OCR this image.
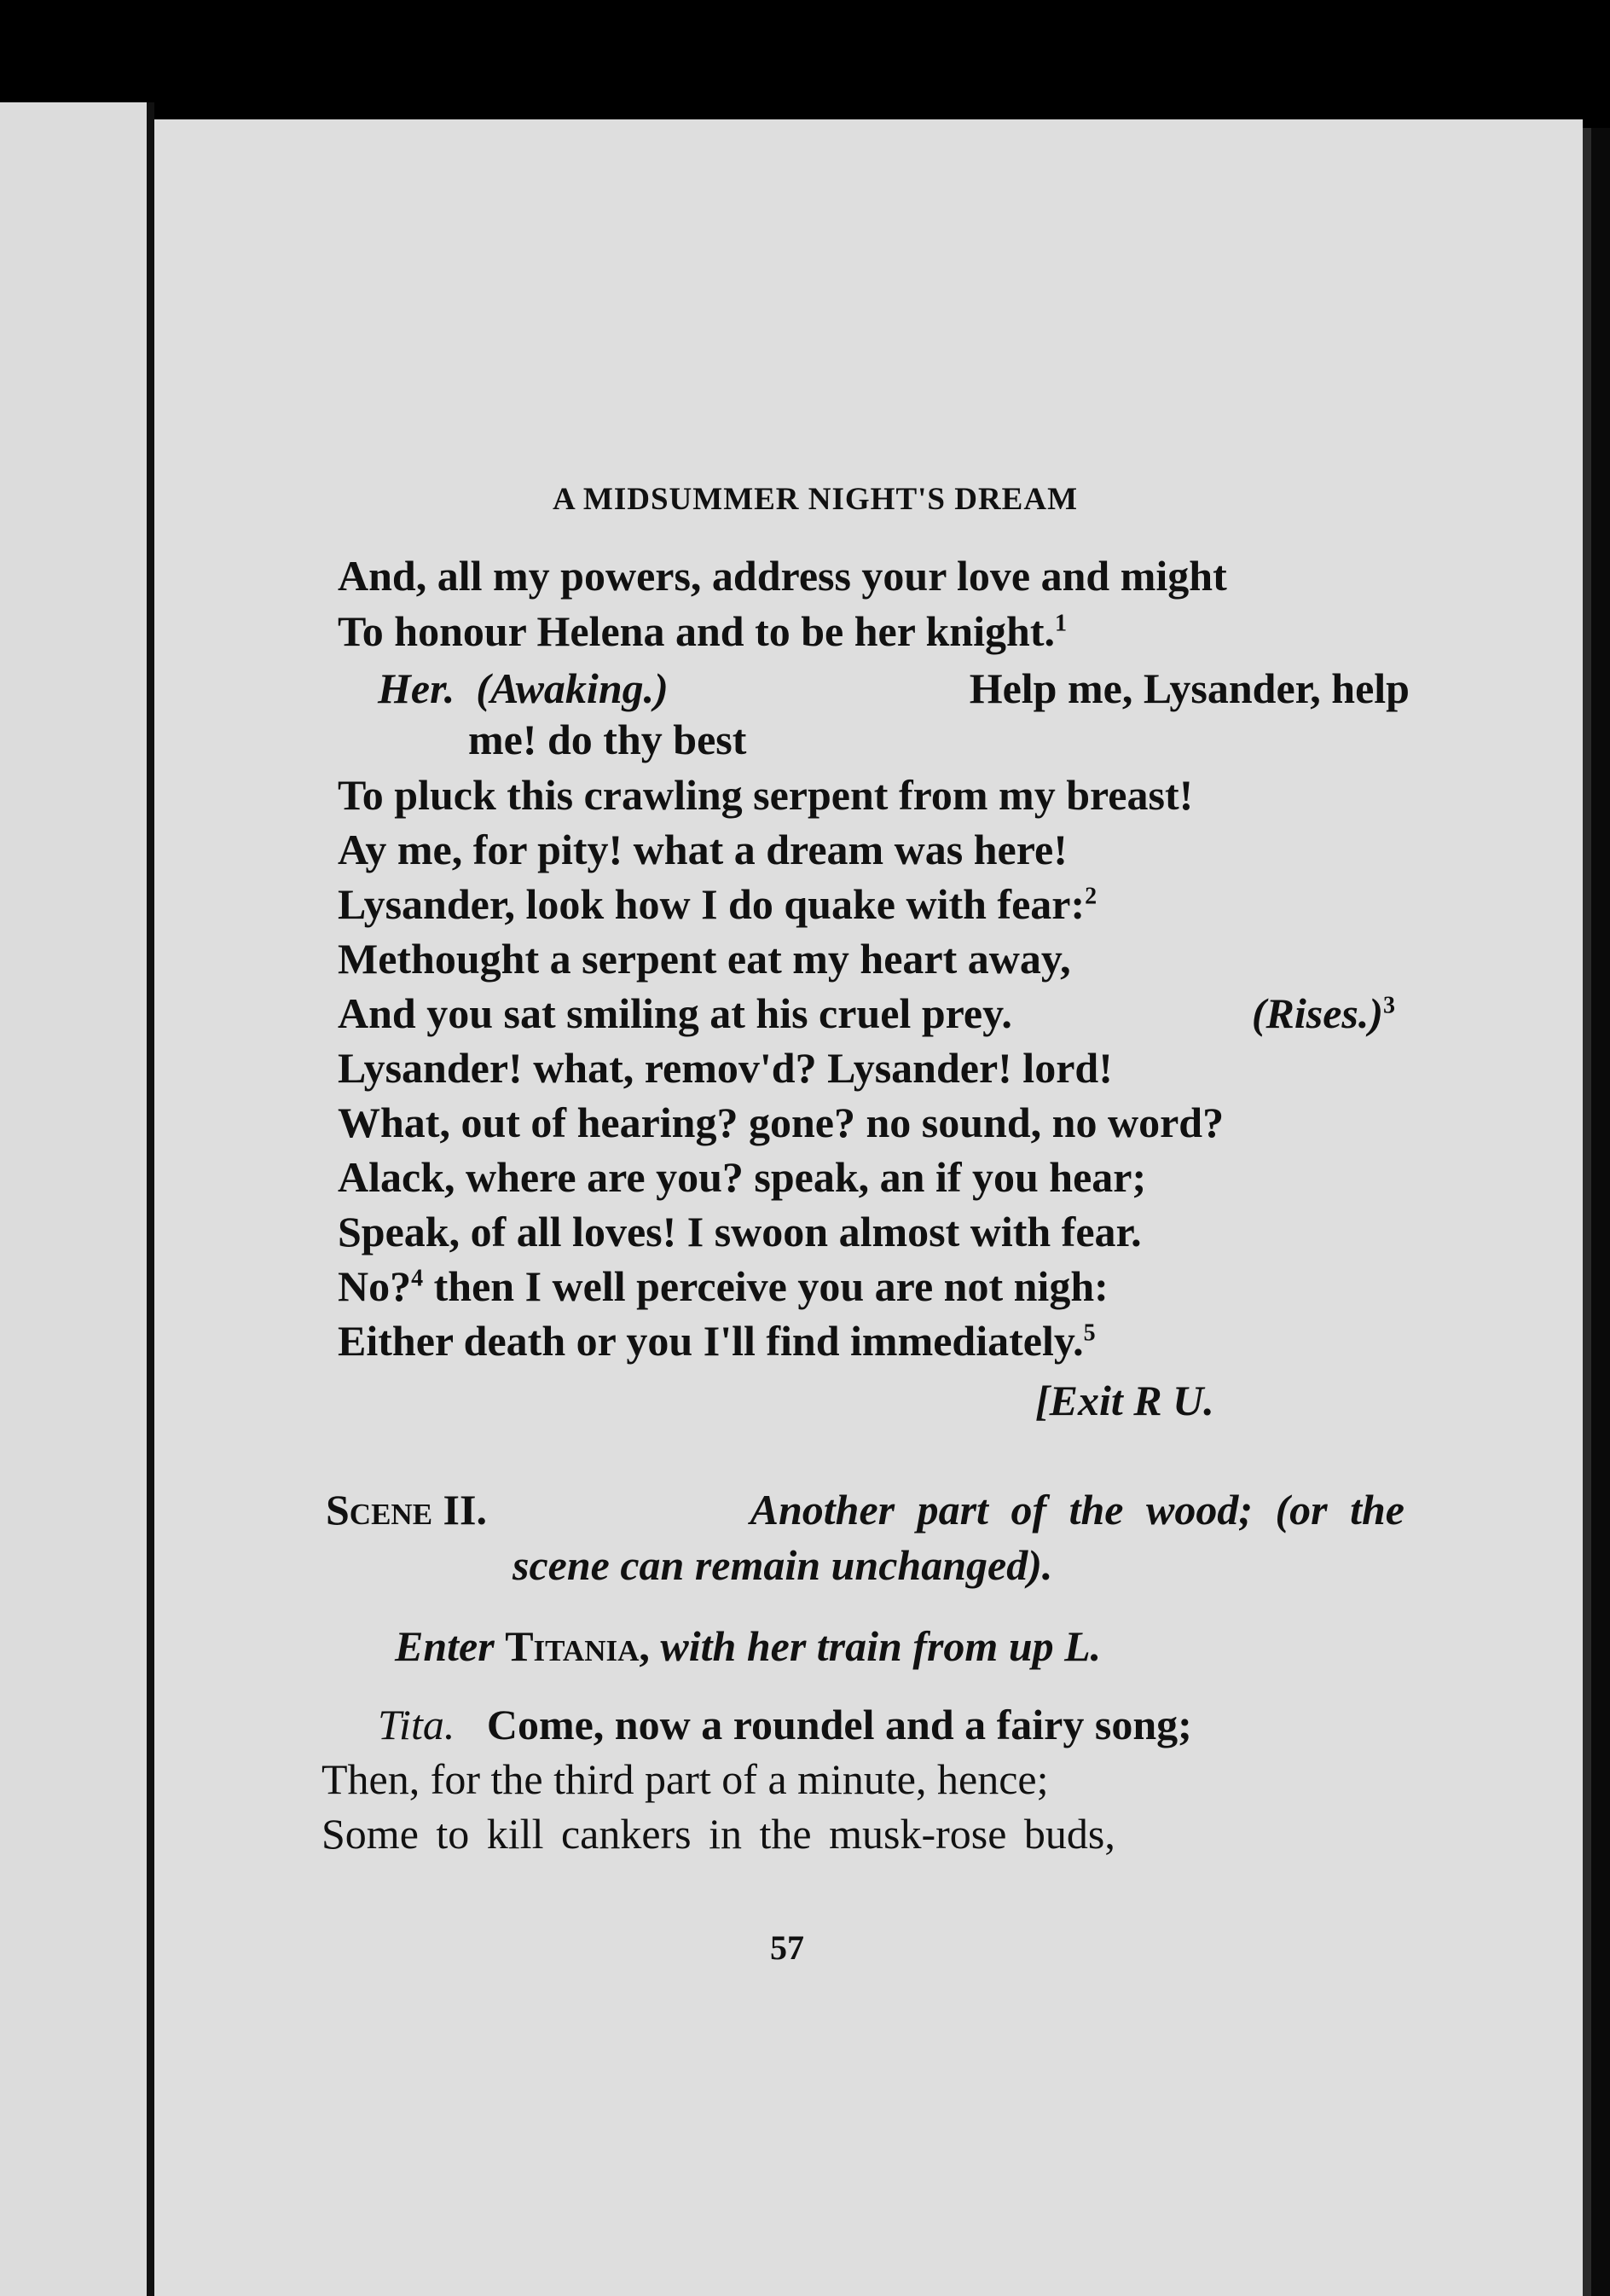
A MIDSUMMER NIGHT'S DREAM
And, all my powers, address your love and might
To honour Helena and to be her knight.$^1$
Her. (Awaking.)	Help me, Lysander, help
me! do thy best
To pluck this crawling serpent from my breast!
Ay me, for pity! what a dream was here!
Lysander, look how I do quake with fear:$^2$
Methought a serpent eat my heart away,
And you sat smiling at his cruel prey.	(Rises.)$^3$
Lysander! what, remov'd? Lysander! lord!
What, out of hearing? gone? no sound, no word?
Alack, where are you? speak, an if you hear;
Speak, of all loves! I swoon almost with fear.
No?$^4$ then I well perceive you are not nigh:
Either death or you I'll find immediately.$^5$
[Exit R U.
Scene II.	Another part of the wood; (or the
scene can remain unchanged).
Enter Titania, with her train from up L.
Tita. Come, now a roundel and a fairy song;
Then, for the third part of a minute, hence;
Some to kill cankers in the musk-rose buds,
57
